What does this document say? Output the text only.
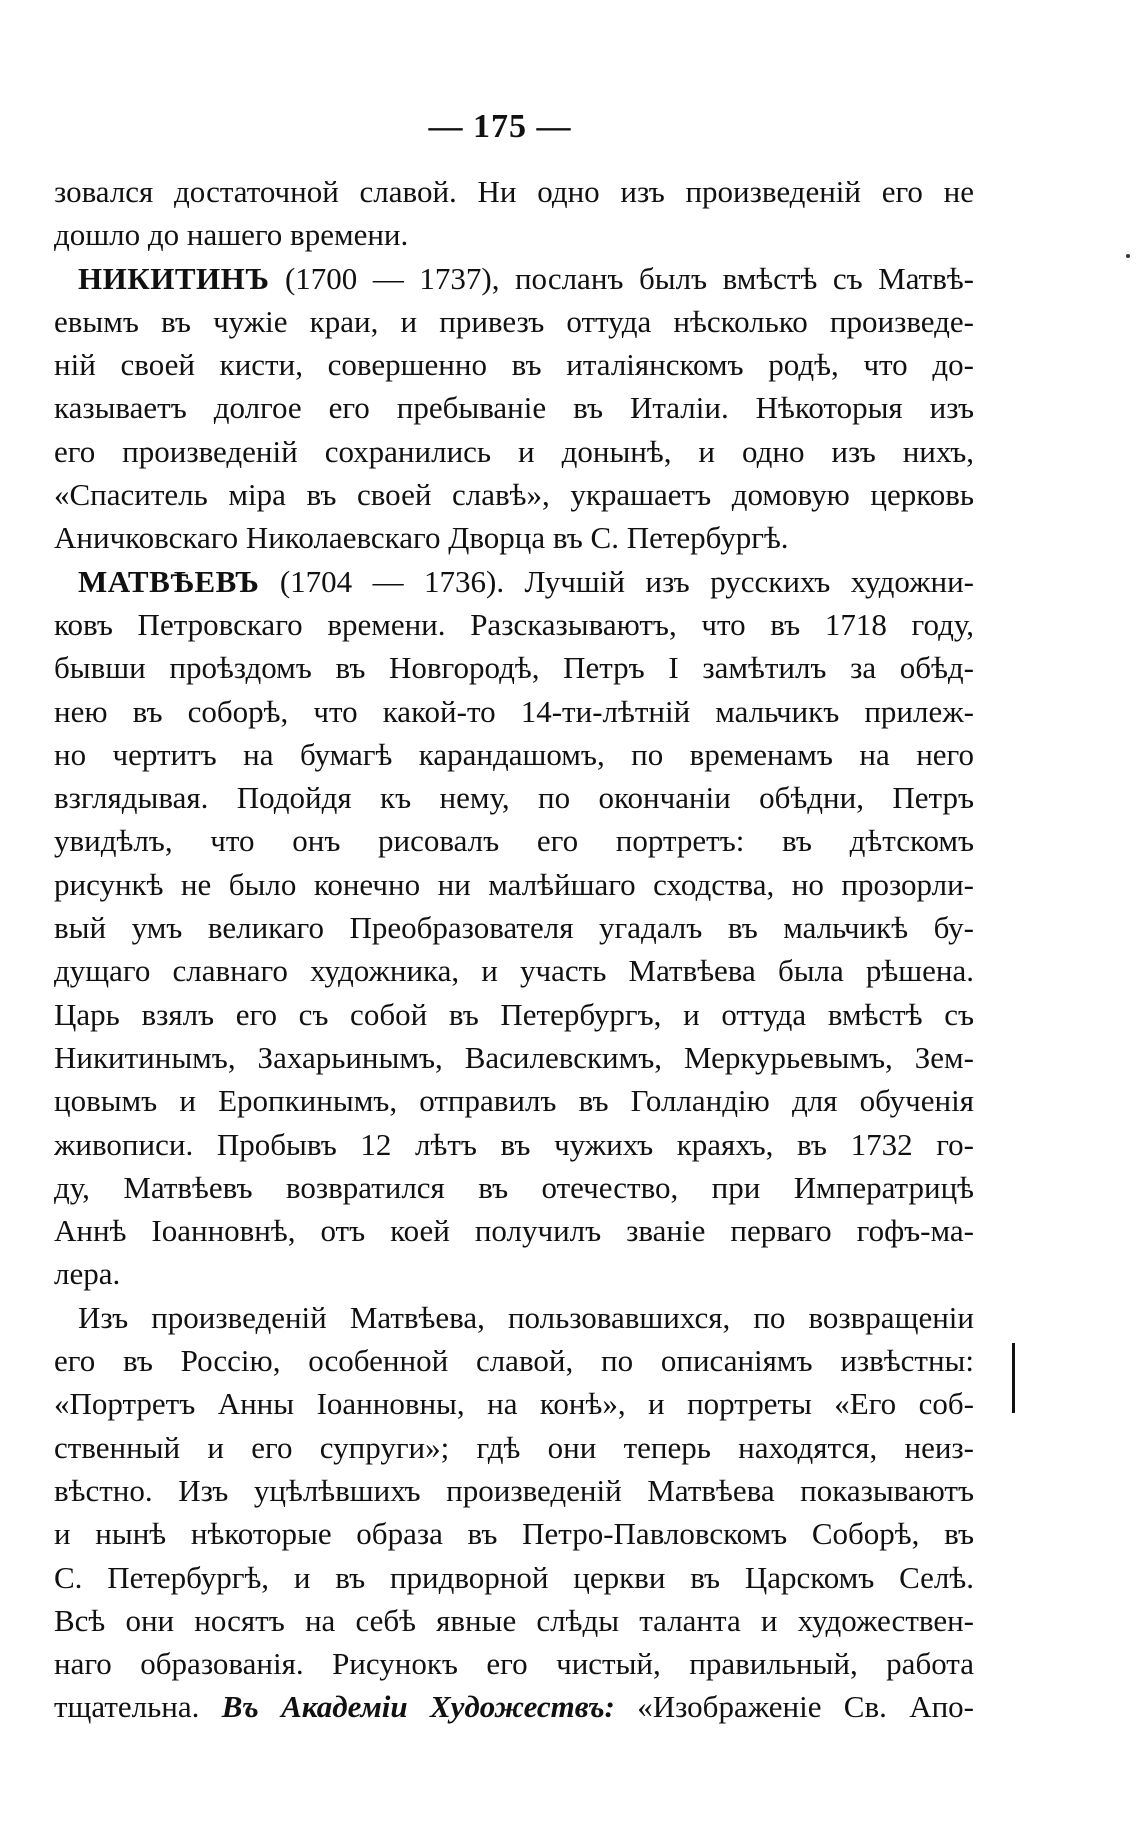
— 175 —
зовался достаточной славой. Ни одно изъ произведенiй его не
дошло до нашего времени.
НИКИТИНЪ (1700 — 1737), посланъ былъ вмѣстѣ съ Матвѣ-
евымъ въ чужiе краи, и привезъ оттуда нѣсколько произведе-
нiй своей кисти, совершенно въ италiянскомъ родѣ, что до-
казываетъ долгое его пребыванiе въ Италiи. Нѣкоторыя изъ
его произведенiй сохранились и донынѣ, и одно изъ нихъ,
«Спаситель мiра въ своей славѣ», украшаетъ домовую церковь
Аничковскаго Николаевскаго Дворца въ С. Петербургѣ.
МАТВѢЕВЪ (1704 — 1736). Лучшiй изъ русскихъ художни-
ковъ Петровскаго времени. Разсказываютъ, что въ 1718 году,
бывши проѣздомъ въ Новгородѣ, Петръ I замѣтилъ за обѣд-
нею въ соборѣ, что какой-то 14-ти-лѣтнiй мальчикъ прилеж-
но чертитъ на бумагѣ карандашомъ, по временамъ на него
взглядывая. Подойдя къ нему, по окончанiи обѣдни, Петръ
увидѣлъ, что онъ рисовалъ его портретъ: въ дѣтскомъ
рисункѣ не было конечно ни малѣйшаго сходства, но прозорли-
вый умъ великаго Преобразователя угадалъ въ мальчикѣ бу-
дущаго славнаго художника, и участь Матвѣева была рѣшена.
Царь взялъ его съ собой въ Петербургъ, и оттуда вмѣстѣ съ
Никитинымъ, Захарьинымъ, Василевскимъ, Меркурьевымъ, Зем-
цовымъ и Еропкинымъ, отправилъ въ Голландiю для обученiя
живописи. Пробывъ 12 лѣтъ въ чужихъ краяхъ, въ 1732 го-
ду, Матвѣевъ возвратился въ отечество, при Императрицѣ
Аннѣ Iоанновнѣ, отъ коей получилъ званiе перваго гофъ-ма-
лера.
Изъ произведенiй Матвѣева, пользовавшихся, по возвращенiи
его въ Россiю, особенной славой, по описанiямъ извѣстны:
«Портретъ Анны Iоанновны, на конѣ», и портреты «Его соб-
ственный и его супруги»; гдѣ они теперь находятся, неиз-
вѣстно. Изъ уцѣлѣвшихъ произведенiй Матвѣева показываютъ
и нынѣ нѣкоторые образа въ Петро-Павловскомъ Соборѣ, въ
С. Петербургѣ, и въ придворной церкви въ Царскомъ Селѣ.
Всѣ они носятъ на себѣ явные слѣды таланта и художествен-
наго образованiя. Рисунокъ его чистый, правильный, работа
тщательна. Въ Академiи Художествъ: «Изображенiе Св. Апо-
